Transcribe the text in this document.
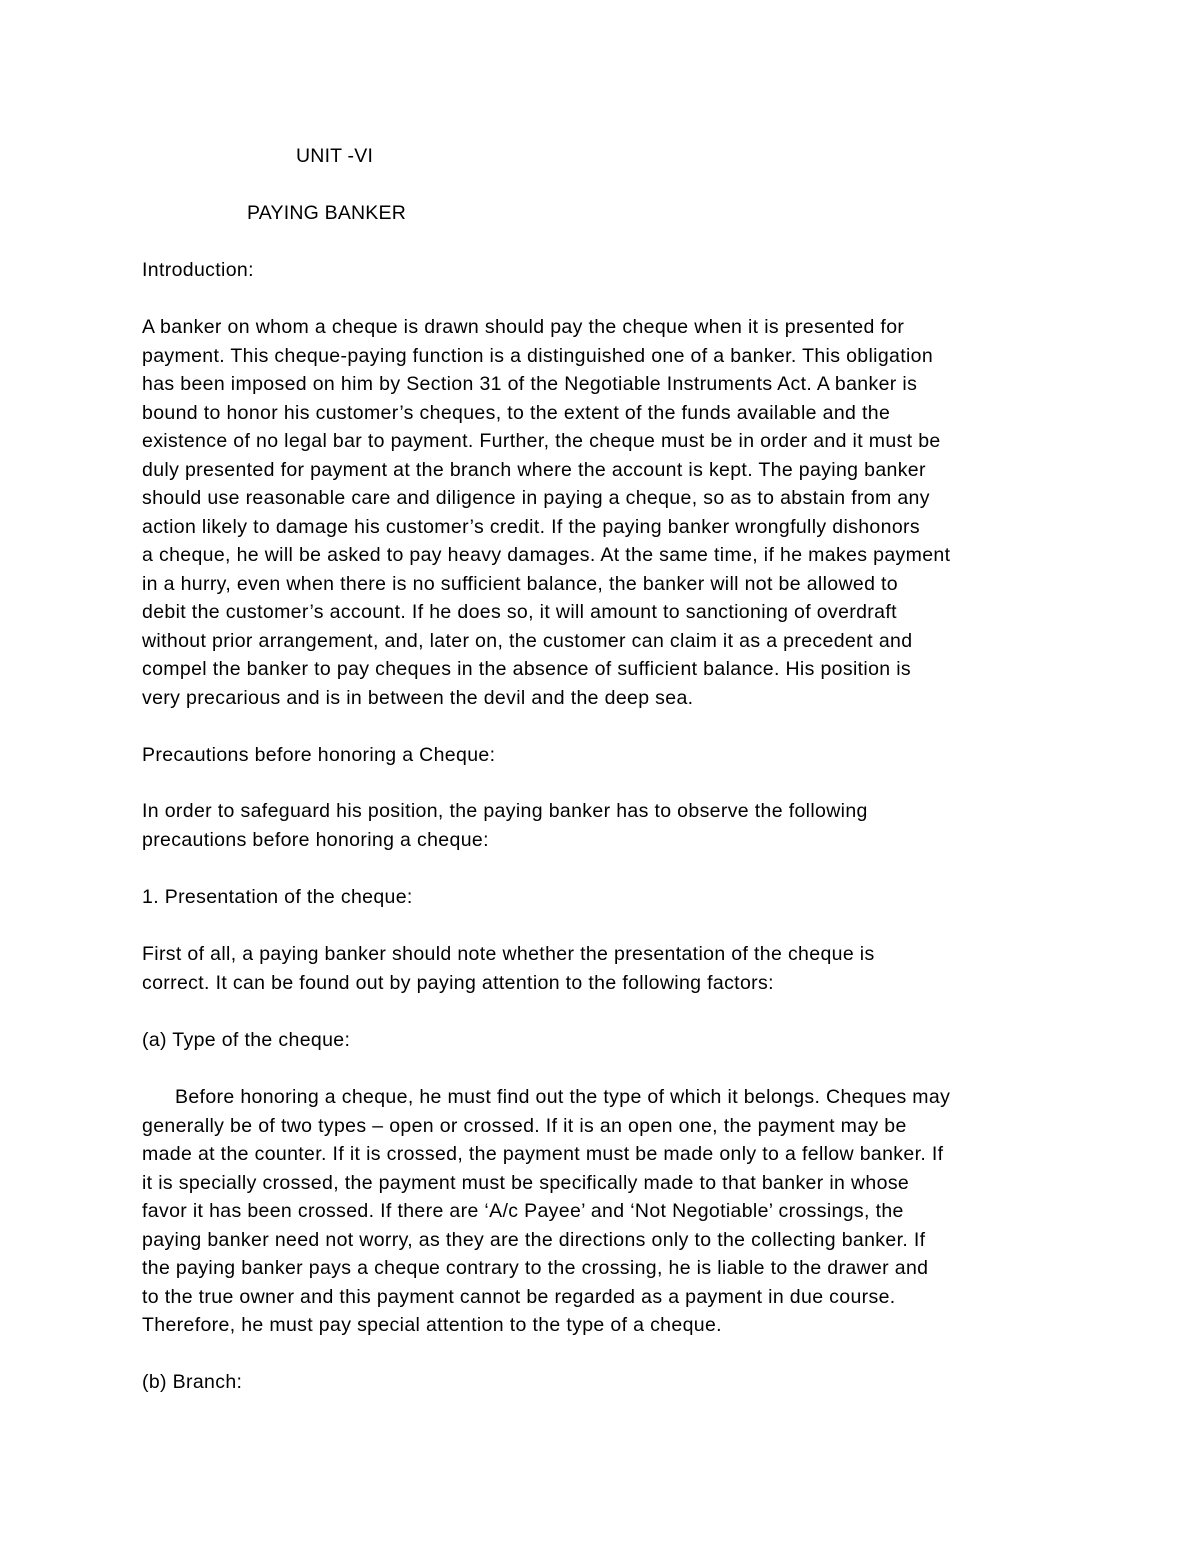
UNIT -VI
PAYING BANKER
Introduction:
A banker on whom a cheque is drawn should pay the cheque when it is presented for
payment. This cheque-paying function is a distinguished one of a banker. This obligation
has been imposed on him by Section 31 of the Negotiable Instruments Act. A banker is
bound to honor his customer’s cheques, to the extent of the funds available and the
existence of no legal bar to payment. Further, the cheque must be in order and it must be
duly presented for payment at the branch where the account is kept. The paying banker
should use reasonable care and diligence in paying a cheque, so as to abstain from any
action likely to damage his customer’s credit. If the paying banker wrongfully dishonors
a cheque, he will be asked to pay heavy damages. At the same time, if he makes payment
in a hurry, even when there is no sufficient balance, the banker will not be allowed to
debit the customer’s account. If he does so, it will amount to sanctioning of overdraft
without prior arrangement, and, later on, the customer can claim it as a precedent and
compel the banker to pay cheques in the absence of sufficient balance. His position is
very precarious and is in between the devil and the deep sea.
Precautions before honoring a Cheque:
In order to safeguard his position, the paying banker has to observe the following
precautions before honoring a cheque:
1. Presentation of the cheque:
First of all, a paying banker should note whether the presentation of the cheque is
correct. It can be found out by paying attention to the following factors:
(a) Type of the cheque:
Before honoring a cheque, he must find out the type of which it belongs. Cheques may
generally be of two types – open or crossed. If it is an open one, the payment may be
made at the counter. If it is crossed, the payment must be made only to a fellow banker. If
it is specially crossed, the payment must be specifically made to that banker in whose
favor it has been crossed. If there are ‘A/c Payee’ and ‘Not Negotiable’ crossings, the
paying banker need not worry, as they are the directions only to the collecting banker. If
the paying banker pays a cheque contrary to the crossing, he is liable to the drawer and
to the true owner and this payment cannot be regarded as a payment in due course.
Therefore, he must pay special attention to the type of a cheque.
(b) Branch:
